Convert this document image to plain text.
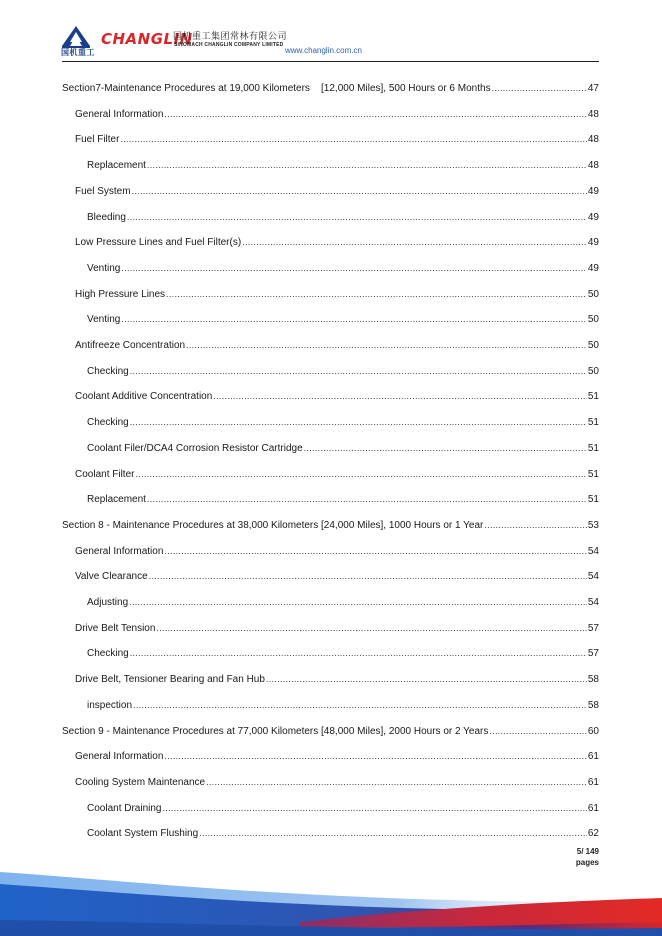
国机重工
CHANGLIN
国机重工集团常林有限公司
SINOMACH CHANGLIN COMPANY LIMITED
www.changlin.com.cn
Section7-Maintenance Procedures at 19,000 Kilometers    [12,000 Miles], 500 Hours or 6 Months .....	47
General Information .....	48
Fuel Filter .....	48
Replacement .....	48
Fuel System .....	49
Bleeding .....	49
Low Pressure Lines and Fuel Filter(s) .....	49
Venting .....	49
High Pressure Lines .....	50
Venting .....	50
Antifreeze Concentration .....	50
Checking .....	50
Coolant Additive Concentration .....	51
Checking .....	51
Coolant Filer/DCA4 Corrosion Resistor Cartridge .....	51
Coolant Filter .....	51
Replacement .....	51
Section 8 - Maintenance Procedures at 38,000 Kilometers [24,000 Miles], 1000 Hours or 1 Year .....	53
General Information .....	54
Valve Clearance .....	54
Adjusting .....	54
Drive Belt Tension .....	57
Checking .....	57
Drive Belt, Tensioner Bearing and Fan Hub .....	58
inspection .....	58
Section 9 - Maintenance Procedures at 77,000 Kilometers [48,000 Miles], 2000 Hours or 2 Years .....	60
General Information .....	61
Cooling System Maintenance .....	61
Coolant Draining .....	61
Coolant System Flushing .....	62
5/ 149
pages
